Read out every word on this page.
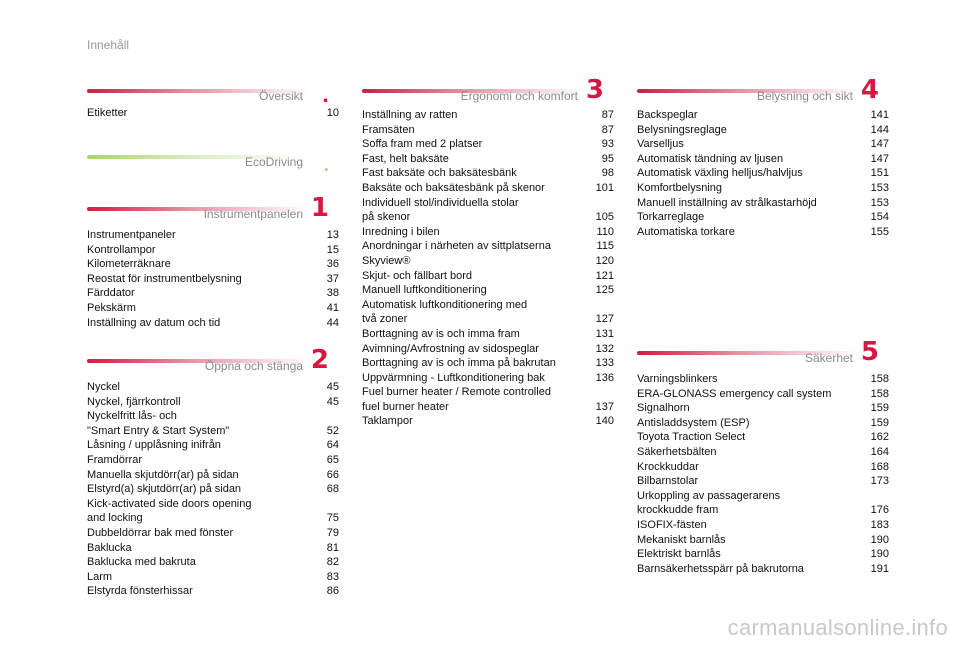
Innehåll
Översikt .
Etiketter	10
EcoDriving .
Instrumentpanelen 1
Instrumentpaneler	13
Kontrollampor	15
Kilometerräknare	36
Reostat för instrumentbelysning	37
Färddator	38
Pekskärm	41
Inställning av datum och tid	44
Öppna och stänga 2
Nyckel	45
Nyckel, fjärrkontroll	45
Nyckelfritt lås- och
"Smart Entry & Start System"	52
Låsning / upplåsning inifrån	64
Framdörrar	65
Manuella skjutdörr(ar) på sidan	66
Elstyrd(a) skjutdörr(ar) på sidan	68
Kick-activated side doors opening
and locking	75
Dubbeldörrar bak med fönster	79
Baklucka	81
Baklucka med bakruta	82
Larm	83
Elstyrda fönsterhissar	86
Ergonomi och komfort 3
Inställning av ratten	87
Framsäten	87
Soffa fram med 2 platser	93
Fast, helt baksäte	95
Fast baksäte och baksätesbänk	98
Baksäte och baksätesbänk på skenor	101
Individuell stol/individuella stolar
på skenor	105
Inredning i bilen	110
Anordningar i närheten av sittplatserna	115
Skyview®	120
Skjut- och fällbart bord	121
Manuell luftkonditionering	125
Automatisk luftkonditionering med
två zoner	127
Borttagning av is och imma fram	131
Avimning/Avfrostning av sidospeglar	132
Borttagning av is och imma på bakrutan	133
Uppvärmning - Luftkonditionering bak	136
Fuel burner heater / Remote controlled
fuel burner heater	137
Taklampor	140
Belysning och sikt 4
Backspeglar	141
Belysningsreglage	144
Varselljus	147
Automatisk tändning av ljusen	147
Automatisk växling helljus/halvljus	151
Komfortbelysning	153
Manuell inställning av strålkastarhöjd	153
Torkarreglage	154
Automatiska torkare	155
Säkerhet 5
Varningsblinkers	158
ERA-GLONASS emergency call system	158
Signalhorn	159
Antisladdsystem (ESP)	159
Toyota Traction Select	162
Säkerhetsbälten	164
Krockkuddar	168
Bilbarnstolar	173
Urkoppling av passagerarens
krockkudde fram	176
ISOFIX-fästen	183
Mekaniskt barnlås	190
Elektriskt barnlås	190
Barnsäkerhetsspärr på bakrutorna	191
carmanualsonline.info
